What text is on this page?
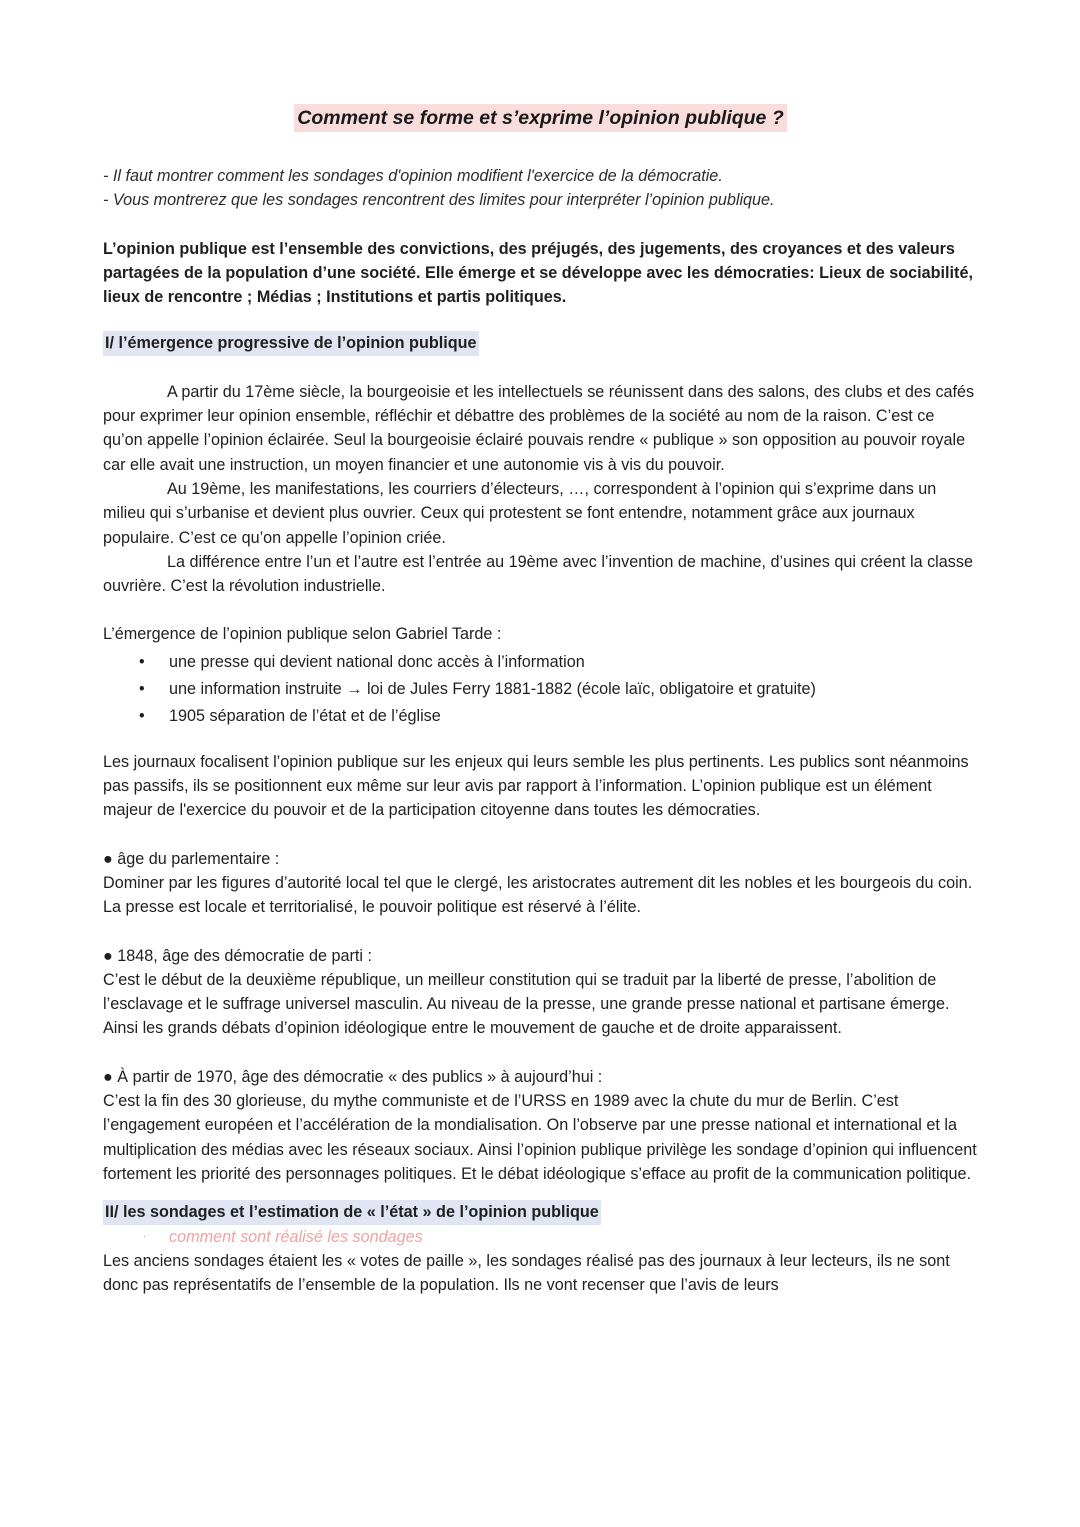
Comment se forme et s’exprime l’opinion publique ?

- Il faut montrer comment les sondages d'opinion modifient l'exercice de la démocratie.

- Vous montrerez que les sondages rencontrent des limites pour interpréter l’opinion publique.

L’opinion publique est l’ensemble des convictions, des préjugés, des jugements, des croyances et des valeurs partagées de la population d’une société. Elle émerge et se développe avec les démocraties: Lieux de sociabilité, lieux de rencontre ; Médias ; Institutions et partis politiques.

I/ l’émergence progressive de l’opinion publique

A partir du 17ème siècle, la bourgeoisie et les intellectuels se réunissent dans des salons, des clubs et des cafés pour exprimer leur opinion ensemble, réfléchir et débattre des problèmes de la société au nom de la raison. C’est ce qu’on appelle l’opinion éclairée. Seul la bourgeoisie éclairé pouvais rendre « publique » son opposition au pouvoir royale car elle avait une instruction, un moyen financier et une autonomie vis à vis du pouvoir.

Au 19ème, les manifestations, les courriers d’électeurs, …, correspondent à l’opinion qui s’exprime dans un milieu qui s’urbanise et devient plus ouvrier. Ceux qui protestent se font entendre, notamment grâce aux journaux populaire. C’est ce qu’on appelle l’opinion criée.

La différence entre l’un et l’autre est l’entrée au 19ème avec l’invention de machine, d’usines qui créent la classe ouvrière. C’est la révolution industrielle.

L’émergence de l’opinion publique selon Gabriel Tarde :

• une presse qui devient national donc accès à l’information
• une information instruite → loi de Jules Ferry 1881-1882 (école laïc, obligatoire et gratuite)
• 1905 séparation de l’état et de l’église

Les journaux focalisent l’opinion publique sur les enjeux qui leurs semble les plus pertinents. Les publics sont néanmoins pas passifs, ils se positionnent eux même sur leur avis par rapport à l’information. L’opinion publique est un élément majeur de l'exercice du pouvoir et de la participation citoyenne dans toutes les démocraties.

● âge du parlementaire :

Dominer par les figures d’autorité local tel que le clergé, les aristocrates autrement dit les nobles et les bourgeois du coin. La presse est locale et territorialisé, le pouvoir politique est réservé à l’élite.

● 1848, âge des démocratie de parti :

C’est le début de la deuxième république, un meilleur constitution qui se traduit par la liberté de presse, l’abolition de l’esclavage et le suffrage universel masculin. Au niveau de la presse, une grande presse national et partisane émerge. Ainsi les grands débats d’opinion idéologique entre le mouvement de gauche et de droite apparaissent.

● À partir de 1970, âge des démocratie « des publics » à aujourd’hui :

C’est la fin des 30 glorieuse, du mythe communiste et de l’URSS en 1989 avec la chute du mur de Berlin. C’est l’engagement européen et l’accélération de la mondialisation. On l’observe par une presse national et international et la multiplication des médias avec les réseaux sociaux. Ainsi l’opinion publique privilège les sondage d’opinion qui influencent fortement les priorité des personnages politiques. Et le débat idéologique s’efface au profit de la communication politique.

II/ les sondages et l’estimation de « l’état » de l’opinion publique

· comment sont réalisé les sondages

Les anciens sondages étaient les « votes de paille », les sondages réalisé pas des journaux à leur lecteurs, ils ne sont donc pas représentatifs de l’ensemble de la population. Ils ne vont recenser que l’avis de leurs
